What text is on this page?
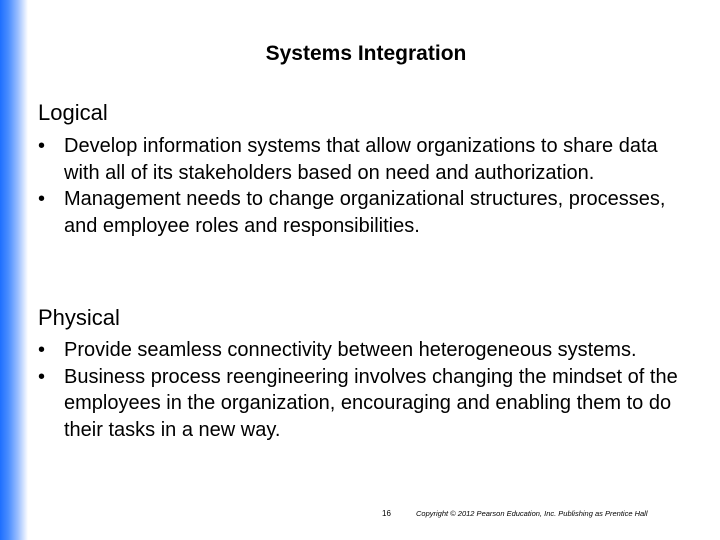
Systems Integration
Logical
• Develop information systems that allow organizations to share data with all of its stakeholders based on need and authorization.
• Management needs to change organizational structures, processes, and employee roles and responsibilities.
Physical
• Provide seamless connectivity between heterogeneous systems.
• Business process reengineering involves changing the mindset of the employees in the organization, encouraging and enabling them to do their tasks in a new way.
16	Copyright © 2012 Pearson Education, Inc. Publishing as Prentice Hall
